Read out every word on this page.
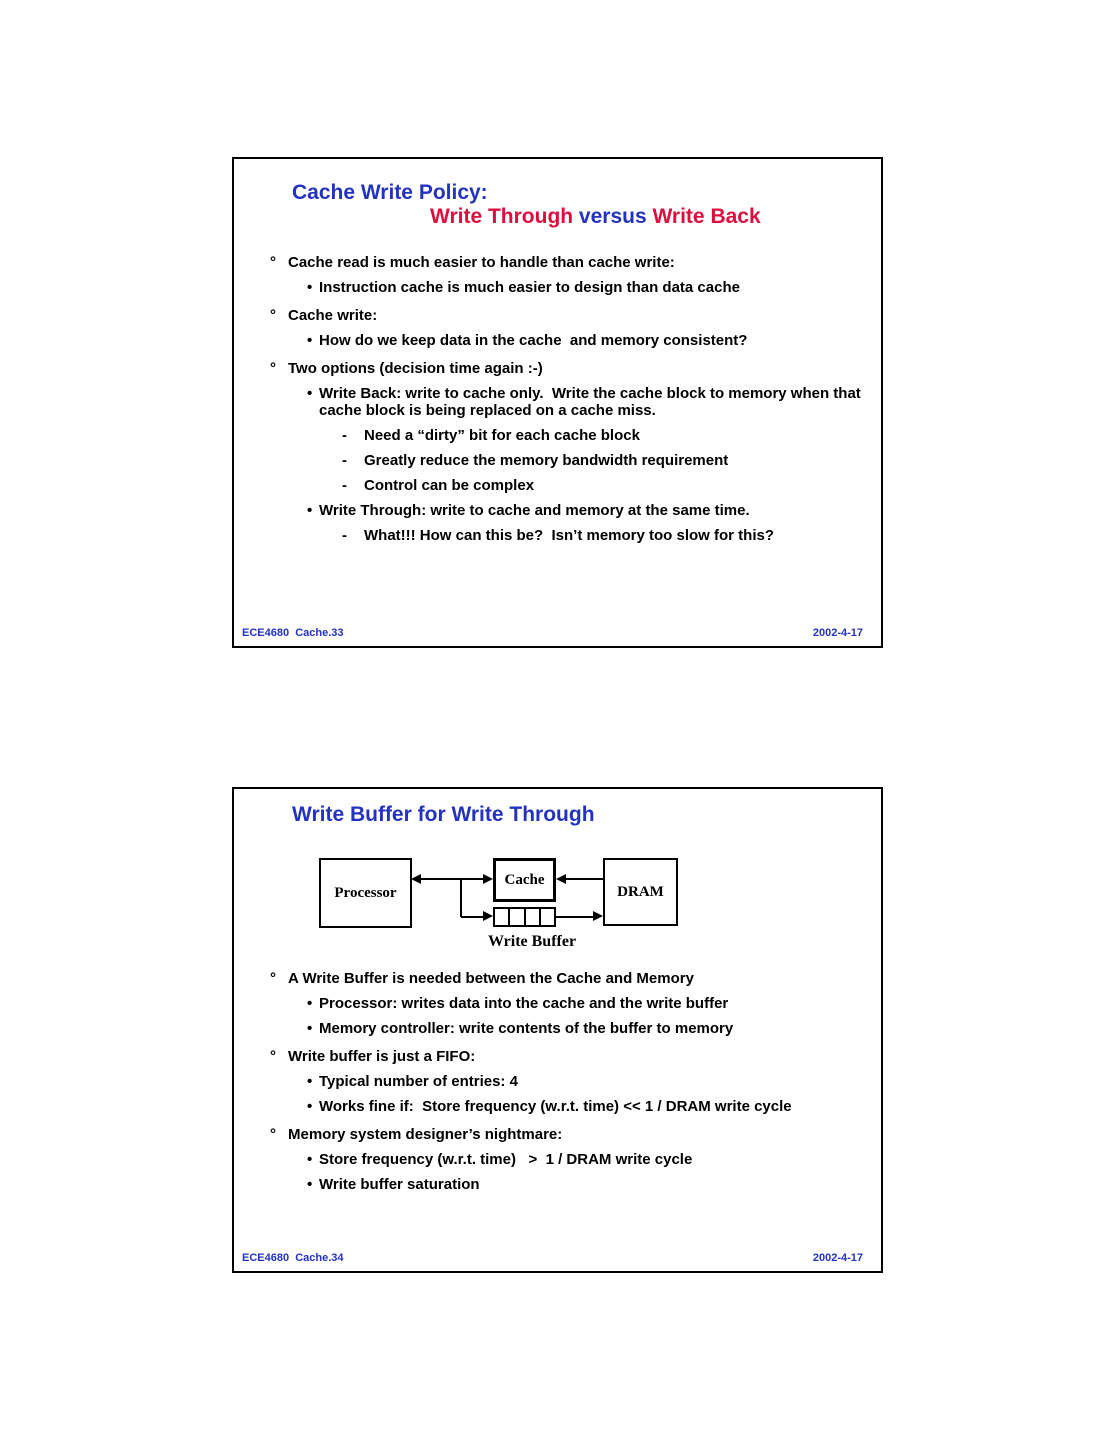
Cache Write Policy:
Write Through versus Write Back
° Cache read is much easier to handle than cache write:
• Instruction cache is much easier to design than data cache
° Cache write:
• How do we keep data in the cache  and memory consistent?
° Two options (decision time again :-)
• Write Back: write to cache only.  Write the cache block to memory when that cache block is being replaced on a cache miss.
-	Need a “dirty” bit for each cache block
-	Greatly reduce the memory bandwidth requirement
-	Control can be complex
• Write Through: write to cache and memory at the same time.
-	What!!! How can this be?  Isn’t memory too slow for this?
ECE4680  Cache.33	2002-4-17
Write Buffer for Write Through
Processor
Cache
DRAM
Write Buffer
° A Write Buffer is needed between the Cache and Memory
• Processor: writes data into the cache and the write buffer
• Memory controller: write contents of the buffer to memory
° Write buffer is just a FIFO:
• Typical number of entries: 4
• Works fine if:  Store frequency (w.r.t. time) << 1 / DRAM write cycle
° Memory system designer’s nightmare:
• Store frequency (w.r.t. time)   >  1 / DRAM write cycle
• Write buffer saturation
ECE4680  Cache.34	2002-4-17
